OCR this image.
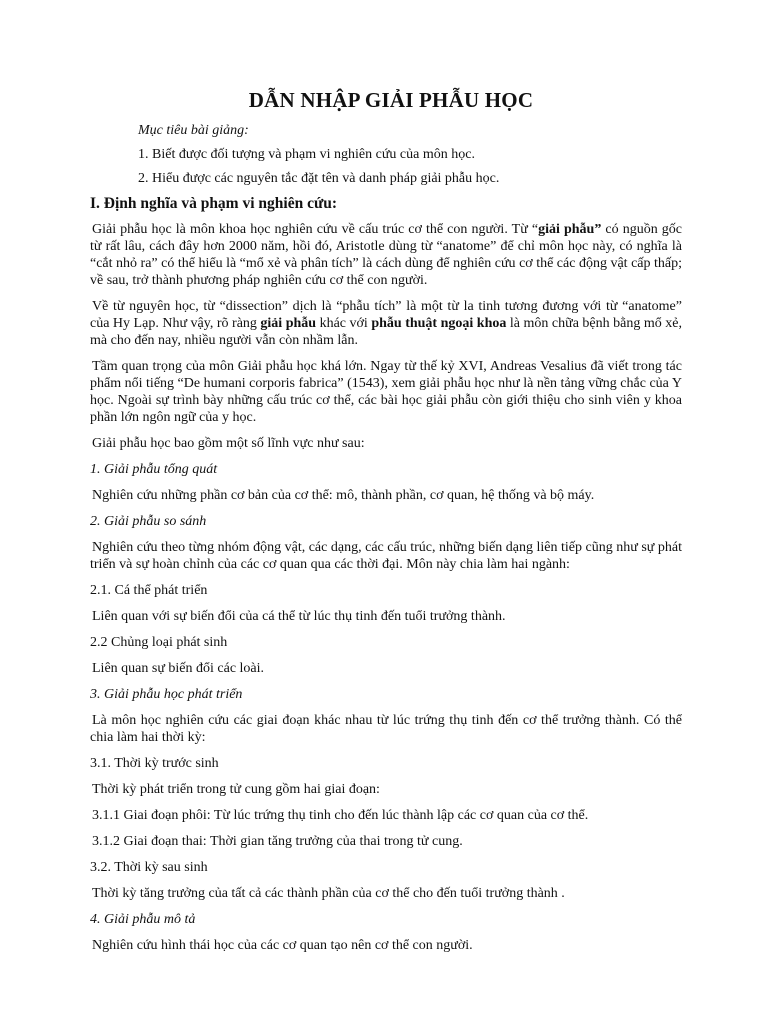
DẪN NHẬP GIẢI PHẪU HỌC
Mục tiêu bài giảng:
1. Biết được đối tượng và phạm vi nghiên cứu của môn học.
2. Hiểu được các nguyên tắc đặt tên và danh pháp giải phẫu học.
I. Định nghĩa và phạm vi nghiên cứu:

Giải phẫu học là môn khoa học nghiên cứu về cấu trúc cơ thể con người. Từ “giải phẫu” có nguồn gốc từ rất lâu, cách đây hơn 2000 năm, hồi đó, Aristotle dùng từ “anatome” để chỉ môn học này, có nghĩa là “cắt nhỏ ra” có thể hiểu là “mổ xẻ và phân tích” là cách dùng để nghiên cứu cơ thể các động vật cấp thấp; về sau, trở thành phương pháp nghiên cứu cơ thể con người.

Về từ nguyên học, từ “dissection” dịch là “phẫu tích” là một từ la tinh tương đương với từ “anatome” của Hy Lạp. Như vậy, rõ ràng giải phẫu khác với phẫu thuật ngoại khoa là môn chữa bệnh bằng mổ xẻ, mà cho đến nay, nhiều người vẫn còn nhầm lẫn.

Tầm quan trọng của môn Giải phẫu học khá lớn. Ngay từ thế kỷ XVI, Andreas Vesalius đã viết trong tác phẩm nổi tiếng “De humani corporis fabrica” (1543), xem giải phẫu học như là nền tảng vững chắc của Y học. Ngoài sự trình bày những cấu trúc cơ thể, các bài học giải phẫu còn giới thiệu cho sinh viên y khoa phần lớn ngôn ngữ của y học.

Giải phẫu học bao gồm một số lĩnh vực như sau:

1. Giải phẫu tổng quát

Nghiên cứu những phần cơ bản của cơ thể: mô, thành phần, cơ quan, hệ thống và bộ máy.

2. Giải phẫu so sánh

Nghiên cứu theo từng nhóm động vật, các dạng, các cấu trúc, những biến dạng liên tiếp cũng như sự phát triển và sự hoàn chỉnh của các cơ quan qua các thời đại. Môn này chia làm hai ngành:

2.1. Cá thể phát triển

Liên quan với sự biến đổi của cá thể từ lúc thụ tinh đến tuổi trưởng thành.

2.2 Chủng loại phát sinh

Liên quan sự biến đổi các loài.

3. Giải phẫu học phát triển

Là môn học nghiên cứu các giai đoạn khác nhau từ lúc trứng thụ tinh đến cơ thể trưởng thành. Có thể chia làm hai thời kỳ:

3.1. Thời kỳ trước sinh

Thời kỳ phát triển trong tử cung gồm hai giai đoạn:

3.1.1 Giai đoạn phôi: Từ lúc trứng thụ tinh cho đến lúc thành lập các cơ quan của cơ thể.

3.1.2 Giai đoạn thai: Thời gian tăng trưởng của thai trong tử cung.

3.2. Thời kỳ sau sinh

Thời kỳ tăng trưởng của tất cả các thành phần của cơ thể cho đến tuổi trưởng thành .

4. Giải phẫu mô tả

Nghiên cứu hình thái học của các cơ quan tạo nên cơ thể con người.
